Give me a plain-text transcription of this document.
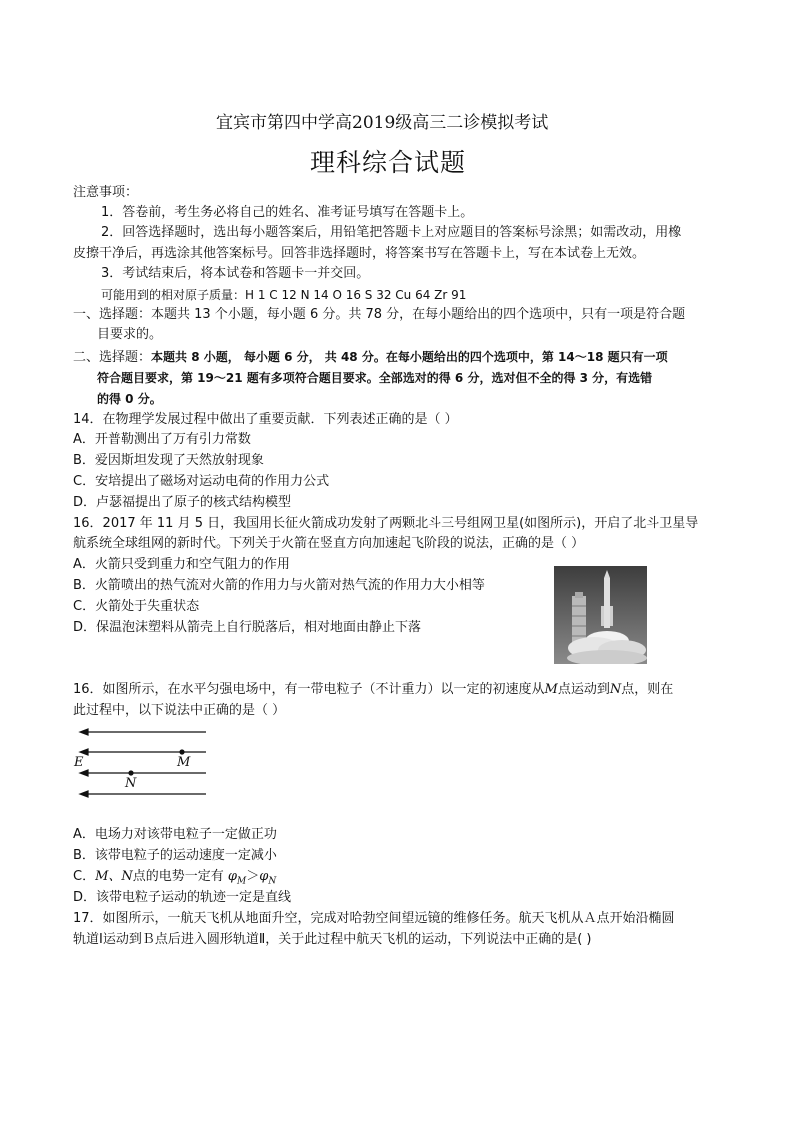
宜宾市第四中学高2019级高三二诊模拟考试
理科综合试题
注意事项：
1．答卷前，考生务必将自己的姓名、准考证号填写在答题卡上。
2．回答选择题时，选出每小题答案后，用铅笔把答题卡上对应题目的答案标号涂黑；如需改动，用橡
皮擦干净后，再选涂其他答案标号。回答非选择题时，将答案书写在答题卡上，写在本试卷上无效。
3．考试结束后，将本试卷和答题卡一并交回。
可能用到的相对原子质量：H 1 C 12 N 14 O 16 S 32 Cu 64 Zr 91
一、选择题：本题共 13 个小题，每小题 6 分。共 78 分，在每小题给出的四个选项中，只有一项是符合题
目要求的。
二、选择题：本题共 8 小题， 每小题 6 分， 共 48 分。在每小题给出的四个选项中，第 14～18 题只有一项
符合题目要求，第 19～21 题有多项符合题目要求。全部选对的得 6 分，选对但不全的得 3 分，有选错
的得 0 分。
14．在物理学发展过程中做出了重要贡献．下列表述正确的是（ ）
A．开普勒测出了万有引力常数
B．爱因斯坦发现了天然放射现象
C．安培提出了磁场对运动电荷的作用力公式
D．卢瑟福提出了原子的核式结构模型
16．2017 年 11 月 5 日，我国用长征火箭成功发射了两颗北斗三号组网卫星(如图所示)，开启了北斗卫星导
航系统全球组网的新时代。下列关于火箭在竖直方向加速起飞阶段的说法，正确的是（ ）
A．火箭只受到重力和空气阻力的作用
B．火箭喷出的热气流对火箭的作用力与火箭对热气流的作用力大小相等
C．火箭处于失重状态
D．保温泡沫塑料从箭壳上自行脱落后，相对地面由静止下落
16．如图所示，在水平匀强电场中，有一带电粒子（不计重力）以一定的初速度从M点运动到N点，则在
此过程中，以下说法中正确的是（ ）
E	M
N
A．电场力对该带电粒子一定做正功
B．该带电粒子的运动速度一定减小
C．M、N点的电势一定有 $\varphi_M>\varphi_N$
D．该带电粒子运动的轨迹一定是直线
17．如图所示，一航天飞机从地面升空，完成对哈勃空间望远镜的维修任务。航天飞机从Ａ点开始沿椭圆
轨道Ⅰ运动到Ｂ点后进入圆形轨道Ⅱ，关于此过程中航天飞机的运动，下列说法中正确的是( )
